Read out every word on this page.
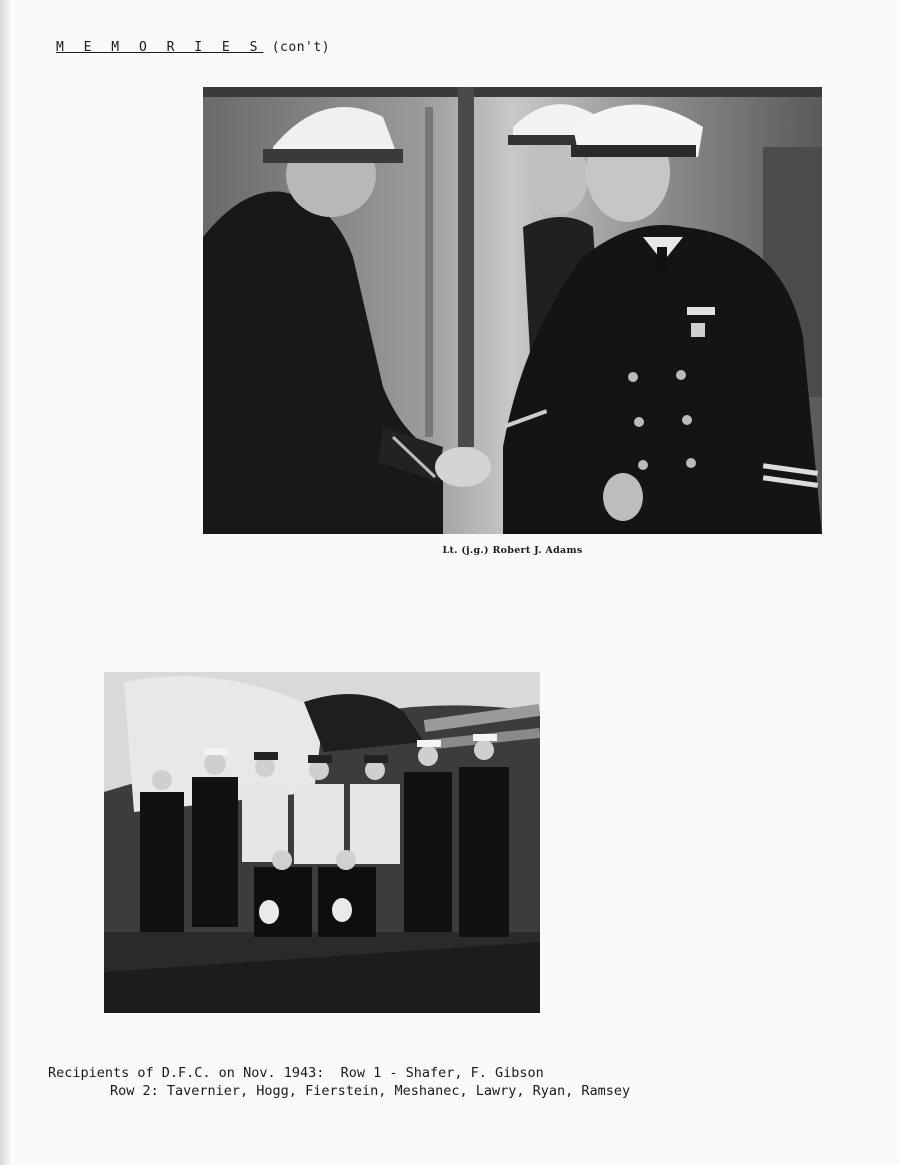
M E M O R I E S (con't)
Lt. (j.g.) Robert J. Adams
Recipients of D.F.C. on Nov. 1943:  Row 1 - Shafer, F. Gibson
Row 2: Tavernier, Hogg, Fierstein, Meshanec, Lawry, Ryan, Ramsey
